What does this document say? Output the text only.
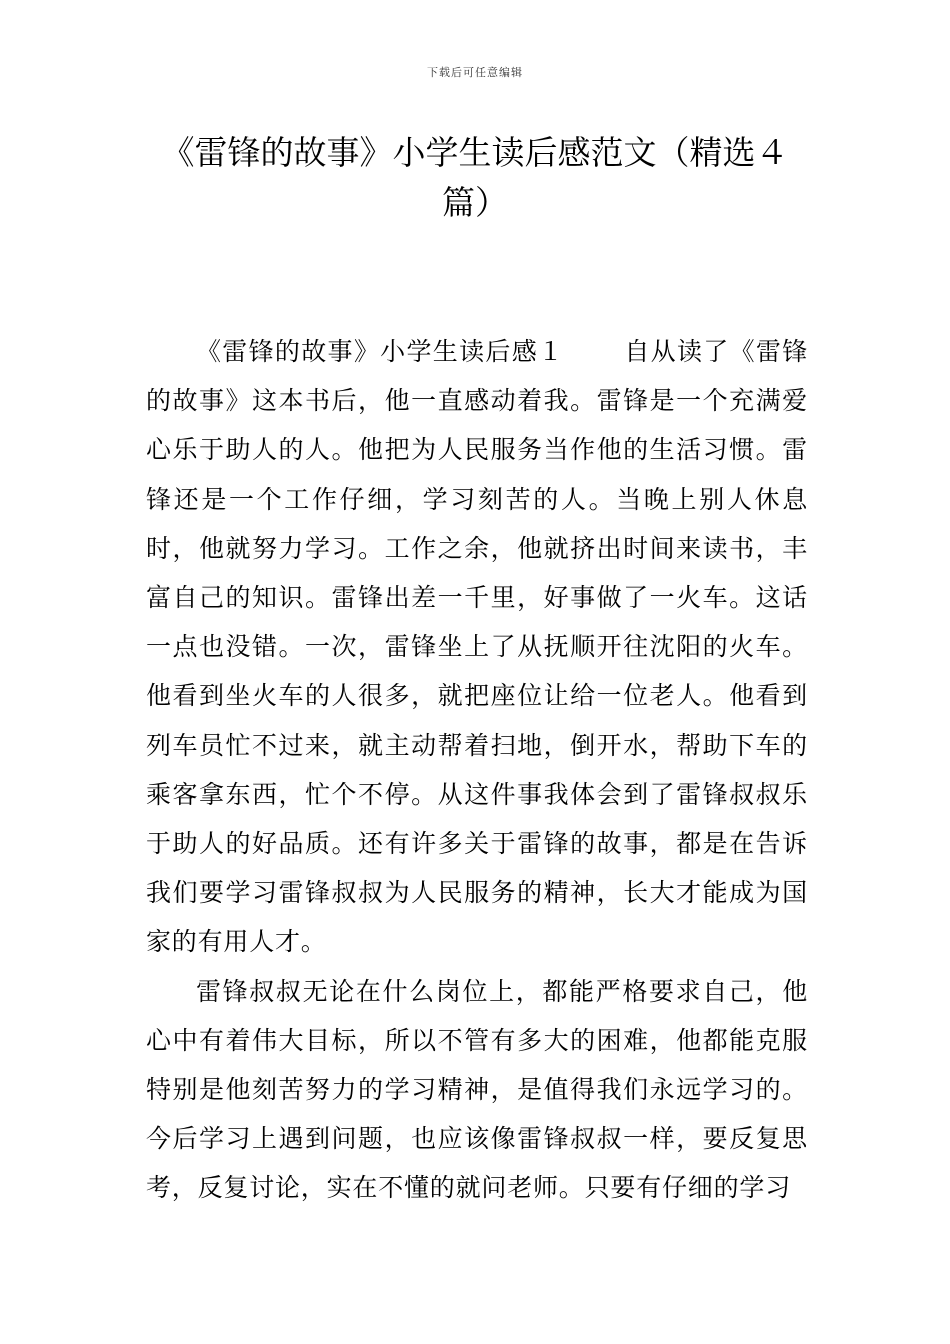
下载后可任意编辑
《雷锋的故事》小学生读后感范文（精选４篇）

《雷锋的故事》小学生读后感１ 自从读了《雷锋的故事》这本书后，他一直感动着我。雷锋是一个充满爱心乐于助人的人。他把为人民服务当作他的生活习惯。雷锋还是一个工作仔细，学习刻苦的人。当晚上别人休息时，他就努力学习。工作之余，他就挤出时间来读书，丰富自己的知识。雷锋出差一千里，好事做了一火车。这话一点也没错。一次，雷锋坐上了从抚顺开往沈阳的火车。他看到坐火车的人很多，就把座位让给一位老人。他看到列车员忙不过来，就主动帮着扫地，倒开水，帮助下车的乘客拿东西，忙个不停。从这件事我体会到了雷锋叔叔乐于助人的好品质。还有许多关于雷锋的故事，都是在告诉我们要学习雷锋叔叔为人民服务的精神，长大才能成为国家的有用人才。

雷锋叔叔无论在什么岗位上，都能严格要求自己，他心中有着伟大目标，所以不管有多大的困难，他都能克服特别是他刻苦努力的学习精神，是值得我们永远学习的。今后学习上遇到问题，也应该像雷锋叔叔一样，要反复思考，反复讨论，实在不懂的就问老师。只要有仔细的学习
